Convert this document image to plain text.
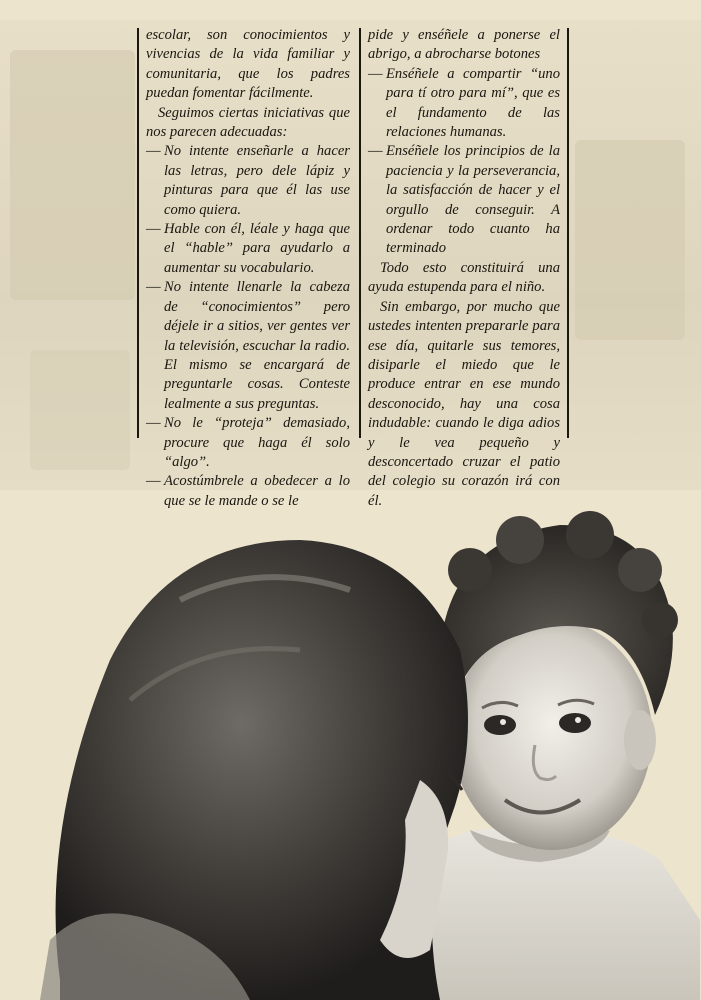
escolar, son conocimientos y vivencias de la vida familiar y comunitaria, que los padres puedan fomentar fácilmente.

Seguimos ciertas iniciativas que nos parecen adecuadas:

— No intente enseñarle a hacer las letras, pero dele lápiz y pinturas para que él las use como quiera.

— Hable con él, léale y haga que el “hable” para ayudarlo a aumentar su vocabulario.

— No intente llenarle la cabeza de “conocimientos” pero déjele ir a sitios, ver gentes ver la televisión, escuchar la radio. El mismo se encargará de preguntarle cosas. Conteste lealmente a sus preguntas.

— No le “proteja” demasiado, procure que haga él solo “algo”.

— Acostúmbrele a obedecer a lo que se le mande o se le

pide y enséñele a ponerse el abrigo, a abrocharse botones

— Enséñele a compartir “uno para tí otro para mí”, que es el fundamento de las relaciones humanas.

— Enséñele los principios de la paciencia y la perseverancia, la satisfacción de hacer y el orgullo de conseguir. A ordenar todo cuanto ha terminado

Todo esto constituirá una ayuda estupenda para el niño.

Sin embargo, por mucho que ustedes intenten prepararle para ese día, quitarle sus temores, disiparle el miedo que le produce entrar en ese mundo desconocido, hay una cosa indudable: cuando le diga adios y le vea pequeño y desconcertado cruzar el patio del colegio su corazón irá con él.
